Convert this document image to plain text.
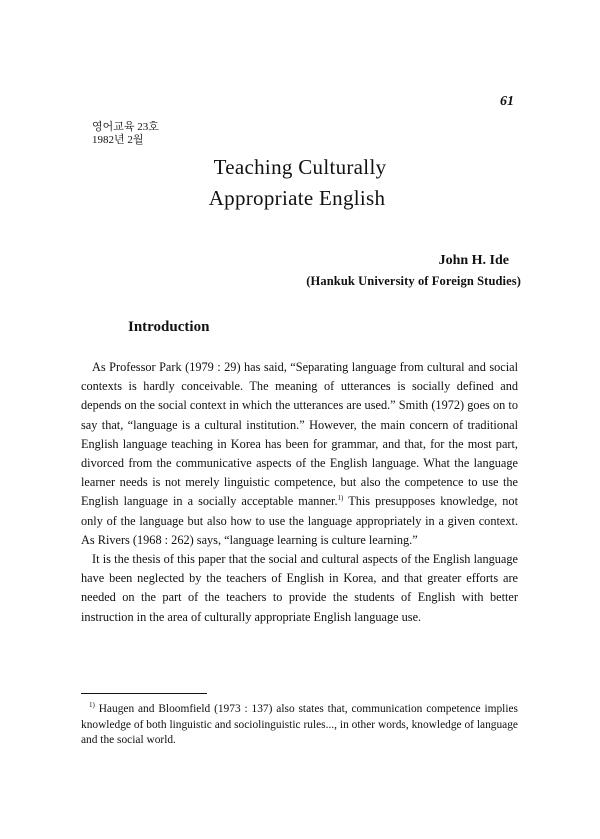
61
영어교육 23호
1982년 2월
Teaching Culturally
Appropriate English
John H. Ide
(Hankuk University of Foreign Studies)
Introduction

As Professor Park (1979 : 29) has said, “Separating language from cultural and social contexts is hardly conceivable. The meaning of utterances is socially defined and depends on the social context in which the utterances are used.” Smith (1972) goes on to say that, “language is a cultural institution.” However, the main concern of traditional English language teaching in Korea has been for grammar, and that, for the most part, divorced from the communicative aspects of the English language. What the language learner needs is not merely linguistic competence, but also the competence to use the English language in a socially acceptable manner.$^{1)}$ This presupposes knowledge, not only of the language but also how to use the language appropriately in a given context. As Rivers (1968 : 262) says, “language learning is culture learning.”

It is the thesis of this paper that the social and cultural aspects of the English language have been neglected by the teachers of English in Korea, and that greater efforts are needed on the part of the teachers to provide the students of English with better instruction in the area of culturally appropriate English language use.

$^{1)}$ Haugen and Bloomfield (1973 : 137) also states that, communication competence implies knowledge of both linguistic and sociolinguistic rules..., in other words, knowledge of language and the social world.
